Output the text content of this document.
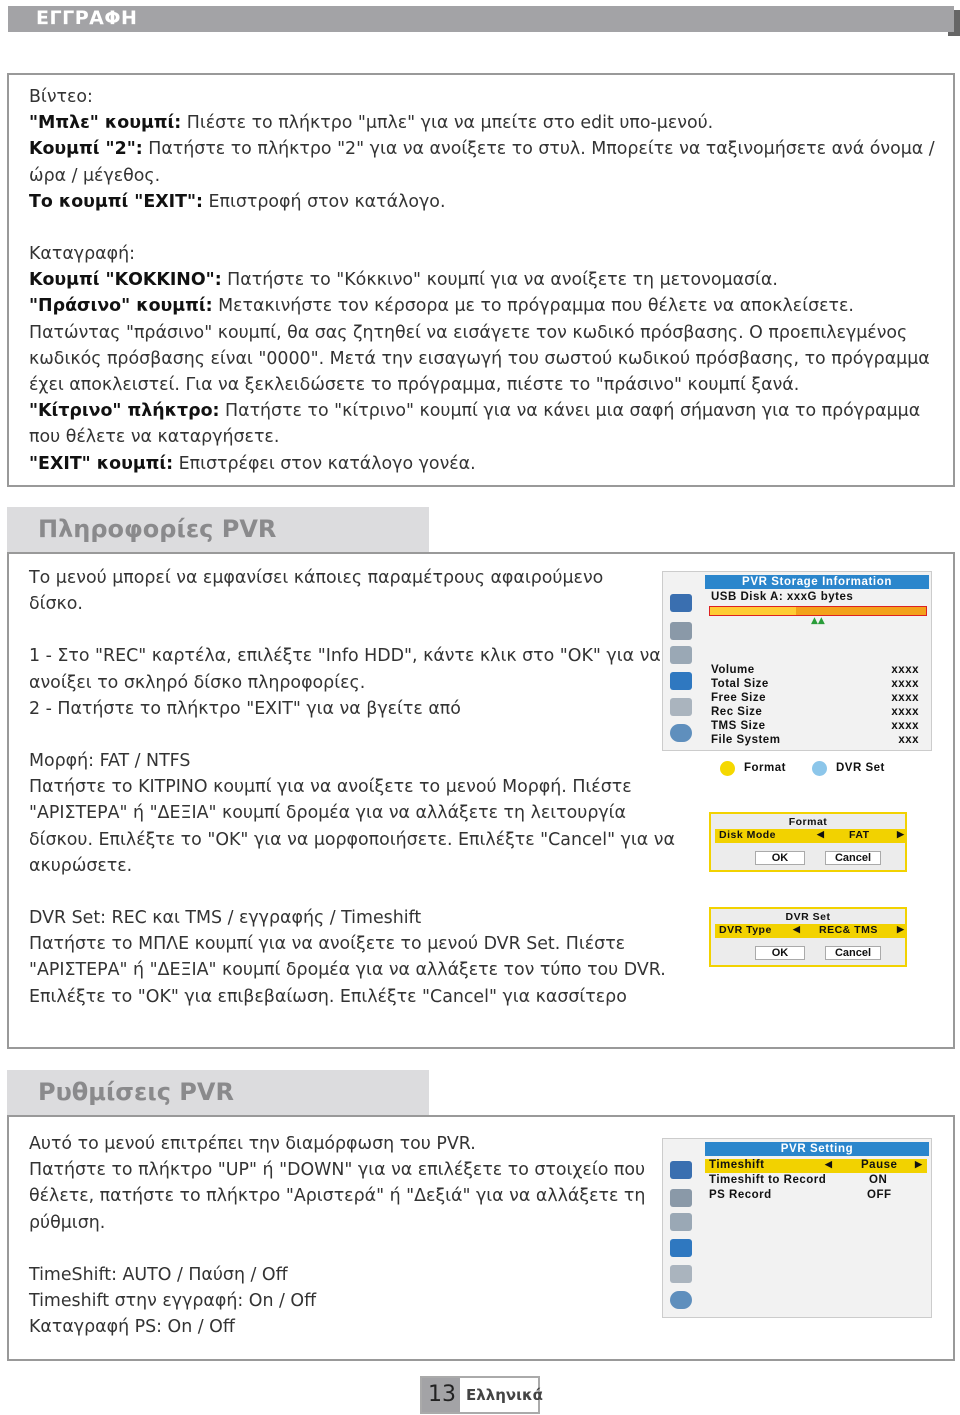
ΕΓΓΡΑΦΗ
Βίντεο:
"Μπλε" κουμπί: Πιέστε το πλήκτρο "μπλε" για να μπείτε στο edit υπο-μενού.
Κουμπί "2": Πατήστε το πλήκτρο "2" για να ανοίξετε το στυλ. Μπορείτε να ταξινομήσετε ανά όνομα /
ώρα / μέγεθος.
Το κουμπί "EXIT": Επιστροφή στον κατάλογο.
Καταγραφή:
Κουμπί "ΚΟΚΚΙΝΟ": Πατήστε το "Κόκκινο" κουμπί για να ανοίξετε τη μετονομασία.
"Πράσινο" κουμπί: Μετακινήστε τον κέρσορα με το πρόγραμμα που θέλετε να αποκλείσετε.
Πατώντας "πράσινο" κουμπί, θα σας ζητηθεί να εισάγετε τον κωδικό πρόσβασης. Ο προεπιλεγμένος
κωδικός πρόσβασης είναι "0000". Μετά την εισαγωγή του σωστού κωδικού πρόσβασης, το πρόγραμμα
έχει αποκλειστεί. Για να ξεκλειδώσετε το πρόγραμμα, πιέστε το "πράσινο" κουμπί ξανά.
"Κίτρινο" πλήκτρο: Πατήστε το "κίτρινο" κουμπί για να κάνει μια σαφή σήμανση για το πρόγραμμα
που θέλετε να καταργήσετε.
"EXIT" κουμπί: Επιστρέφει στον κατάλογο γονέα.
Πληροφορίες PVR
Το μενού μπορεί να εμφανίσει κάποιες παραμέτρους αφαιρούμενο
δίσκο.
1 - Στο "REC" καρτέλα, επιλέξτε "Info HDD", κάντε κλικ στο "OK" για να
ανοίξει το σκληρό δίσκο πληροφορίες.
2 - Πατήστε το πλήκτρο "EXIT" για να βγείτε από
Μορφή: FAT / NTFS
Πατήστε το ΚΙΤΡΙΝΟ κουμπί για να ανοίξετε το μενού Μορφή. Πιέστε
"ΑΡΙΣΤΕΡΑ" ή "ΔΕΞΙΑ" κουμπί δρομέα για να αλλάξετε τη λειτουργία
δίσκου. Επιλέξτε το "OK" για να μορφοποιήσετε. Επιλέξτε "Cancel" για να
ακυρώσετε.
DVR Set: REC και TMS / εγγραφής / Timeshift
Πατήστε το ΜΠΛΕ κουμπί για να ανοίξετε το μενού DVR Set. Πιέστε
"ΑΡΙΣΤΕΡΑ" ή "ΔΕΞΙΑ" κουμπί δρομέα για να αλλάξετε τον τύπο του DVR.
Επιλέξτε το "OK" για επιβεβαίωση. Επιλέξτε "Cancel" για κασσίτερο
PVR Storage Information
USB Disk A: xxxG bytes
▲▲
Volume	xxxx
Total Size	xxxx
Free Size	xxxx
Rec Size	xxxx
TMS Size	xxxx
File System	xxx
Format	DVR Set
Format
Disk Mode	◀ FAT	▶
OK	Cancel
DVR Set
DVR Type ◀ REC& TMS ▶
OK	Cancel
Ρυθμίσεις PVR
Αυτό το μενού επιτρέπει την διαμόρφωση του PVR.
Πατήστε το πλήκτρο "UP" ή "DOWN" για να επιλέξετε το στοιχείο που
θέλετε, πατήστε το πλήκτρο "Αριστερά" ή "Δεξιά" για να αλλάξετε τη
ρύθμιση.
TimeShift: AUTO / Παύση / Off
Timeshift στην εγγραφή: On / Off
Καταγραφή PS: On / Off
PVR Setting
Timeshift	◀ Pause ▶
Timeshift to Record	ON
PS Record	OFF
13 Ελληνικά
